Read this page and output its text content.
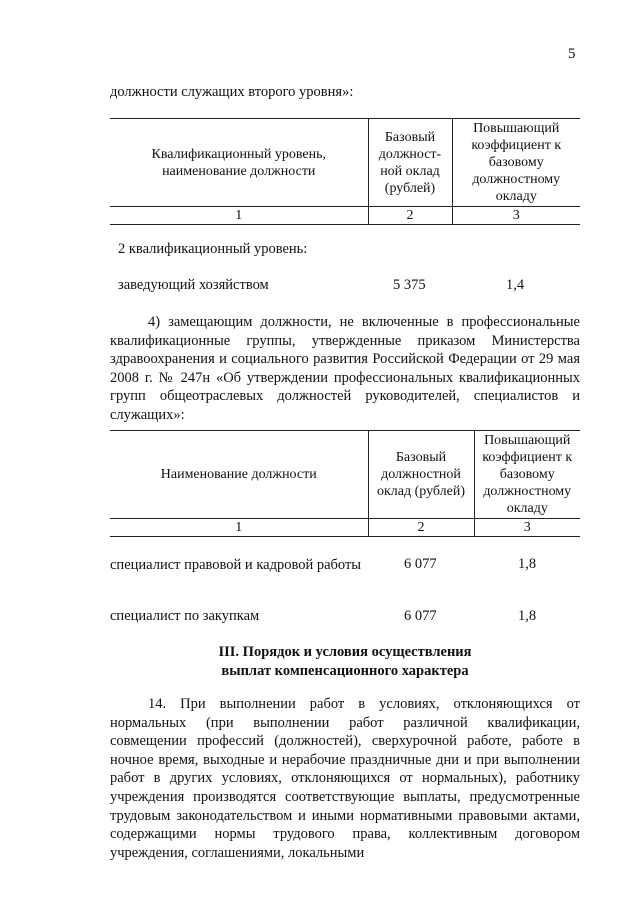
5
должности служащих второго уровня»:
Квалификационный уровень, наименование должности	Базовый должност-ной оклад (рублей)	Повышающий коэффициент к базовому должностному окладу
1	2	3
2 квалификационный уровень:
заведующий хозяйством	5 375	1,4
4) замещающим должности, не включенные в профессиональные квалификационные группы, утвержденные приказом Министерства здравоохранения и социального развития Российской Федерации от 29 мая 2008 г. № 247н «Об утверждении профессиональных квалификационных групп общеотраслевых должностей руководителей, специалистов и служащих»:
Наименование должности	Базовый должностной оклад (рублей)	Повышающий коэффициент к базовому должностному окладу
1	2	3
специалист правовой и кадровой работы	6 077	1,8
специалист по закупкам	6 077	1,8
III. Порядок и условия осуществления выплат компенсационного характера
14. При выполнении работ в условиях, отклоняющихся от нормальных (при выполнении работ различной квалификации, совмещении профессий (должностей), сверхурочной работе, работе в ночное время, выходные и нерабочие праздничные дни и при выполнении работ в других условиях, отклоняющихся от нормальных), работнику учреждения производятся соответствующие выплаты, предусмотренные трудовым законодательством и иными нормативными правовыми актами, содержащими нормы трудового права, коллективным договором учреждения, соглашениями, локальными
